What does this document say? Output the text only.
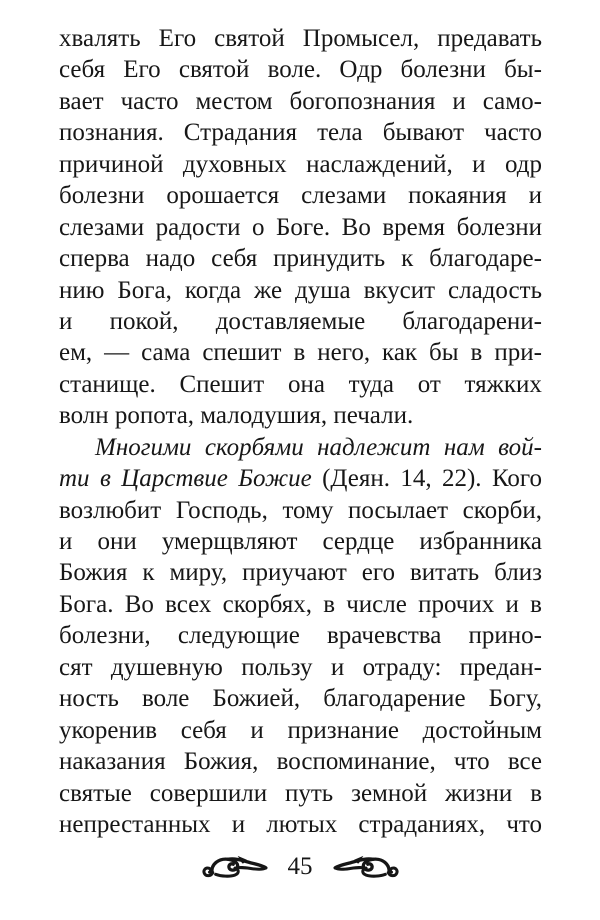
хвалять Его святой Промысел, предавать
себя Его святой воле. Одр болезни бы-
вает часто местом богопознания и само-
познания. Страдания тела бывают часто
причиной духовных наслаждений, и одр
болезни орошается слезами покаяния и
слезами радости о Боге. Во время болезни
сперва надо себя принудить к благодаре-
нию Бога, когда же душа вкусит сладость
и покой, доставляемые благодарени-
ем, — сама спешит в него, как бы в при-
станище. Спешит она туда от тяжких
волн ропота, малодушия, печали.
Многими скорбями надлежит нам вой-
ти в Царствие Божие (Деян. 14, 22). Кого
возлюбит Господь, тому посылает скорби,
и они умерщвляют сердце избранника
Божия к миру, приучают его витать близ
Бога. Во всех скорбях, в числе прочих и в
болезни, следующие врачевства прино-
сят душевную пользу и отраду: предан-
ность воле Божией, благодарение Богу,
укоренив себя и признание достойным
наказания Божия, воспоминание, что все
святые совершили путь земной жизни в
непрестанных и лютых страданиях, что
45
